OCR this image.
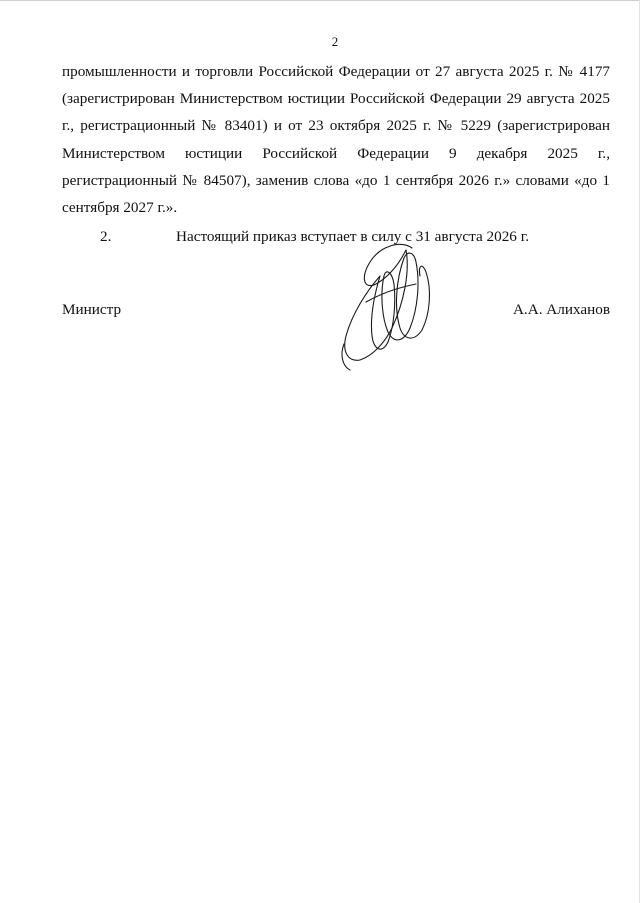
2

промышленности и торговли Российской Федерации от 27 августа 2025 г. № 4177 (зарегистрирован Министерством юстиции Российской Федерации 29 августа 2025 г., регистрационный № 83401) и от 23 октября 2025 г. № 5229 (зарегистрирован Министерством юстиции Российской Федерации 9 декабря 2025 г., регистрационный № 84507), заменив слова «до 1 сентября 2026 г.» словами «до 1 сентября 2027 г.».

2.	Настоящий приказ вступает в силу с 31 августа 2026 г.

Министр	А.А. Алиханов
